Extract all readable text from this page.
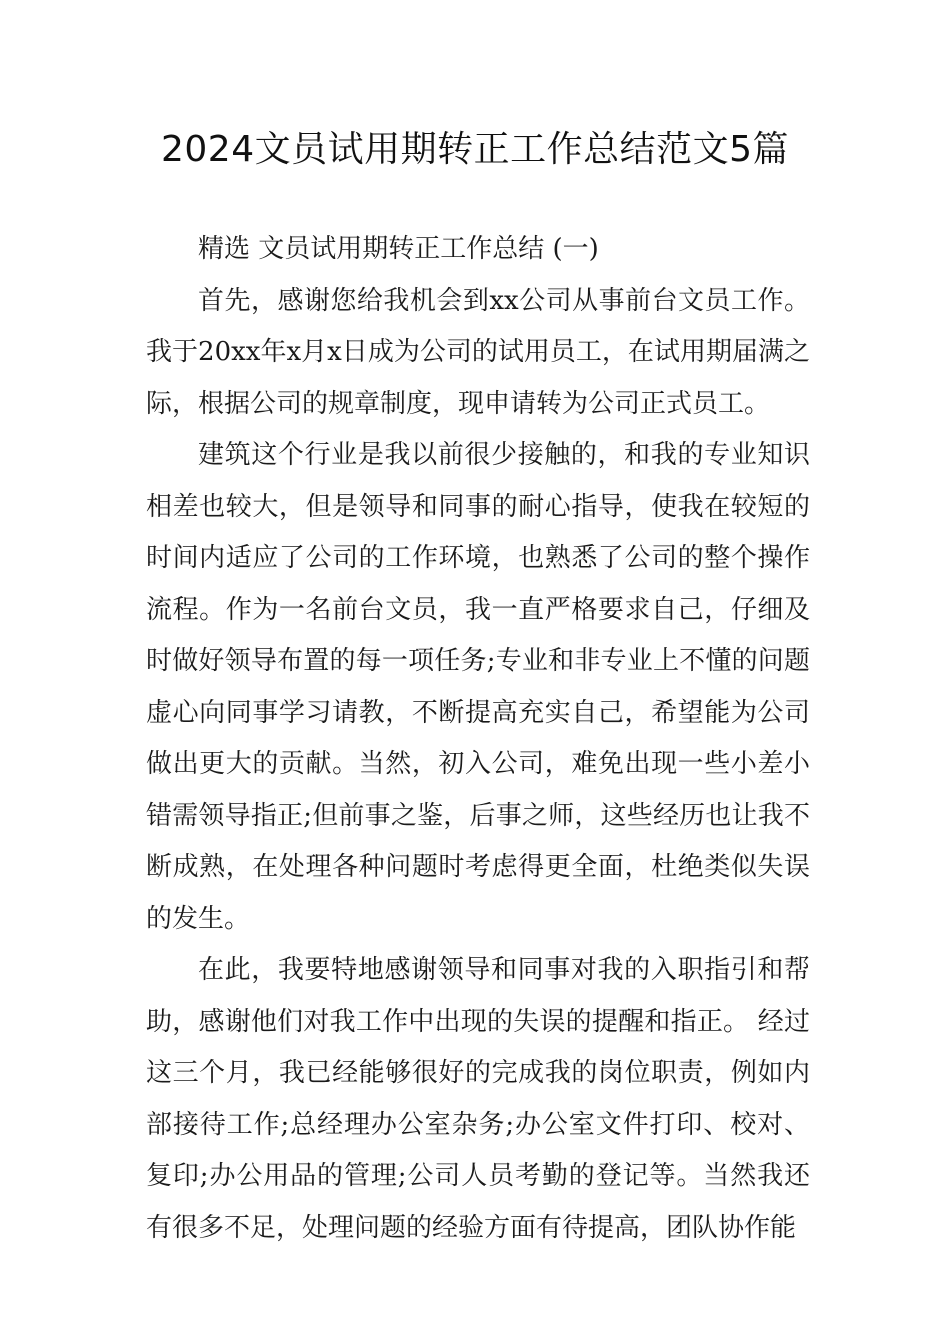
2024文员试用期转正工作总结范文5篇

精选 文员试用期转正工作总结 (一)

首先，感谢您给我机会到xx公司从事前台文员工作。我于20xx年x月x日成为公司的试用员工，在试用期届满之际，根据公司的规章制度，现申请转为公司正式员工。

建筑这个行业是我以前很少接触的，和我的专业知识相差也较大，但是领导和同事的耐心指导，使我在较短的时间内适应了公司的工作环境，也熟悉了公司的整个操作流程。作为一名前台文员，我一直严格要求自己，仔细及时做好领导布置的每一项任务;专业和非专业上不懂的问题虚心向同事学习请教，不断提高充实自己，希望能为公司做出更大的贡献。当然，初入公司，难免出现一些小差小错需领导指正;但前事之鉴，后事之师，这些经历也让我不断成熟，在处理各种问题时考虑得更全面，杜绝类似失误的发生。

在此，我要特地感谢领导和同事对我的入职指引和帮助，感谢他们对我工作中出现的失误的提醒和指正。 经过这三个月，我已经能够很好的完成我的岗位职责，例如内部接待工作;总经理办公室杂务;办公室文件打印、校对、复印;办公用品的管理;公司人员考勤的登记等。当然我还有很多不足，处理问题的经验方面有待提高，团队协作能
